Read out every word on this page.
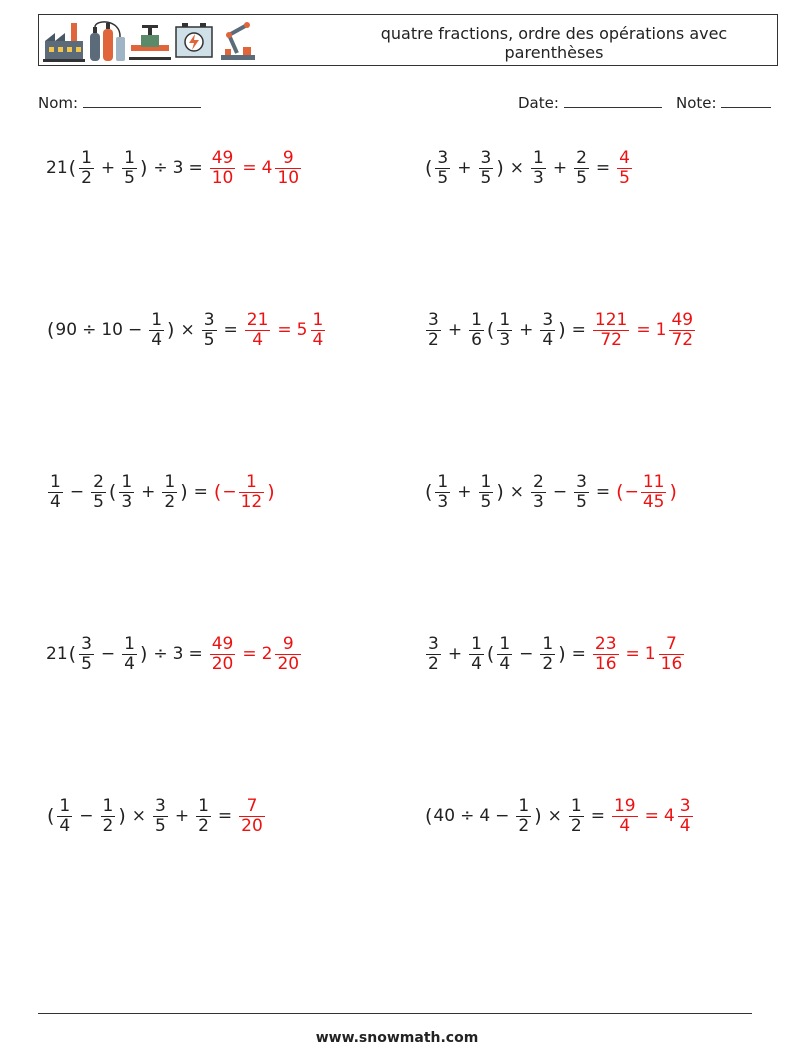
quatre fractions, ordre des opérations avec parenthèses
Nom:	Date:	Note:
21 ( $\frac{1}{2} + \frac{1}{5}$ ) ÷ $3 = \frac{49}{10} = 4 \frac{9}{10}$	( $\frac{3}{5} + \frac{3}{5}$ ) × $\frac{1}{3} + \frac{2}{5} = \frac{4}{5}$
( $90 \div 10 - \frac{1}{4}$ ) × $\frac{3}{5} = \frac{21}{4} = 5 \frac{1}{4}$	$\frac{3}{2} + \frac{1}{6}$ ( $\frac{1}{3} + \frac{3}{4}$ ) = $\frac{121}{72} = 1 \frac{49}{72}$
$\frac{1}{4} - \frac{2}{5}$ ( $\frac{1}{3} + \frac{1}{2}$ ) = ( − $\frac{1}{12}$ )	( $\frac{1}{3} + \frac{1}{5}$ ) × $\frac{2}{3} - \frac{3}{5}$ = ( − $\frac{11}{45}$ )
21 ( $\frac{3}{5} - \frac{1}{4}$ ) ÷ $3 = \frac{49}{20} = 2 \frac{9}{20}$	$\frac{3}{2} + \frac{1}{4}$ ( $\frac{1}{4} - \frac{1}{2}$ ) = $\frac{23}{16} = 1 \frac{7}{16}$
( $\frac{1}{4} - \frac{1}{2}$ ) × $\frac{3}{5} + \frac{1}{2} = \frac{7}{20}$	( $40 \div 4 - \frac{1}{2}$ ) × $\frac{1}{2} = \frac{19}{4} = 4 \frac{3}{4}$
www.snowmath.com
